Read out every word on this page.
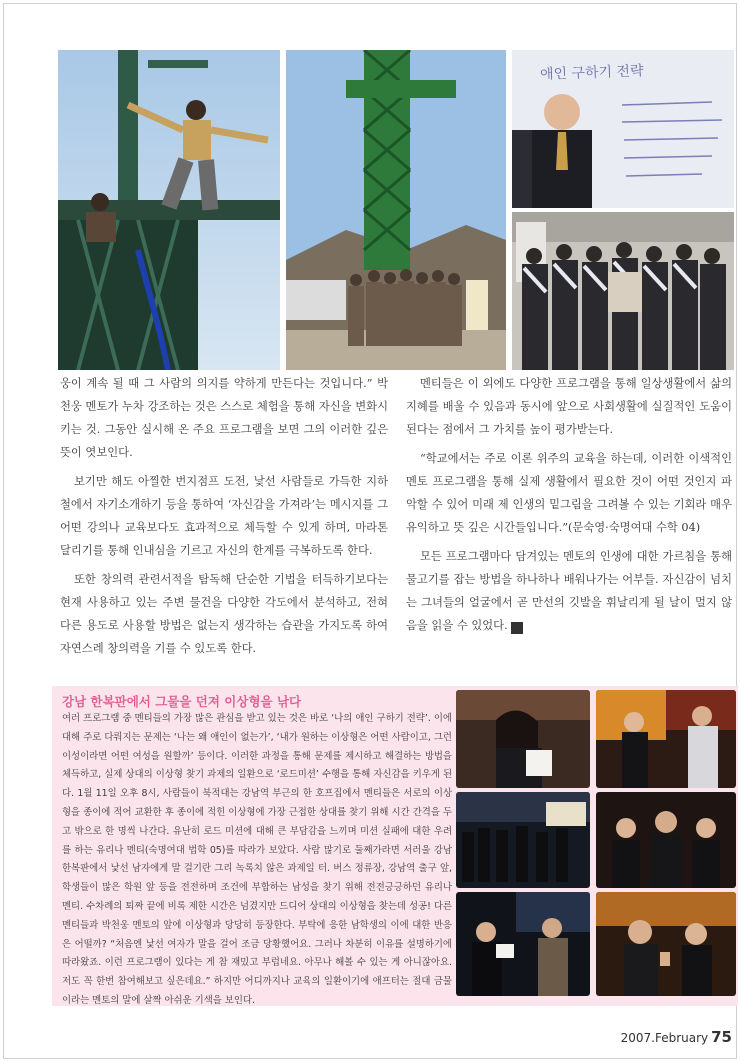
애인 구하기 전략

웅이 계속 될 때 그 사람의 의지를 약하게 만든다는 것입니다.” 박천웅 멘토가 누차 강조하는 것은 스스로 체험을 통해 자신을 변화시키는 것. 그동안 실시해 온 주요 프로그램을 보면 그의 이러한 깊은 뜻이 엿보인다.

보기만 해도 아찔한 번지점프 도전, 낯선 사람들로 가득한 지하철에서 자기소개하기 등을 통하여 ‘자신감을 가져라’는 메시지를 그 어떤 강의나 교육보다도 효과적으로 체득할 수 있게 하며, 마라톤 달리기를 통해 인내심을 기르고 자신의 한계를 극복하도록 한다.

또한 창의력 관련서적을 탐독해 단순한 기법을 터득하기보다는 현재 사용하고 있는 주변 물건을 다양한 각도에서 분석하고, 전혀 다른 용도로 사용할 방법은 없는지 생각하는 습관을 가지도록 하여 자연스레 창의력을 기를 수 있도록 한다.

멘티들은 이 외에도 다양한 프로그램을 통해 일상생활에서 삶의 지혜를 배울 수 있음과 동시에 앞으로 사회생활에 실질적인 도움이 된다는 점에서 그 가치를 높이 평가받는다.

“학교에서는 주로 이론 위주의 교육을 하는데, 이러한 이색적인 멘토 프로그램을 통해 실제 생활에서 필요한 것이 어떤 것인지 파악할 수 있어 미래 제 인생의 밑그림을 그려볼 수 있는 기회라 매우 유익하고 뜻 깊은 시간들입니다.”(문숙영·숙명여대 수학 04)

모든 프로그램마다 담겨있는 멘토의 인생에 대한 가르침을 통해 물고기를 잡는 방법을 하나하나 배워나가는 어부들. 자신감이 넘치는 그녀들의 얼굴에서 곧 만선의 깃발을 휘날리게 될 날이 멀지 않음을 읽을 수 있었다. e

강남 한복판에서 그물을 던져 이상형을 낚다

여러 프로그램 중 멘티들의 가장 많은 관심을 받고 있는 것은 바로 ‘나의 애인 구하기 전략’. 이에 대해 주로 다뤄지는 문제는 ‘나는 왜 애인이 없는가’, ‘내가 원하는 이상형은 어떤 사람이고, 그런 이성이라면 어떤 여성을 원할까’ 등이다. 이러한 과정을 통해 문제를 제시하고 해결하는 방법을 체득하고, 실제 상대의 이상형 찾기 과제의 일환으로 ‘로드미션’ 수행을 통해 자신감을 키우게 된다. 1월 11일 오후 8시, 사람들이 북적대는 강남역 부근의 한 호프집에서 멘티들은 서로의 이상형을 종이에 적어 교환한 후 종이에 적힌 이상형에 가장 근접한 상대를 찾기 위해 시간 간격을 두고 밖으로 한 명씩 나간다. 유난히 로드 미션에 대해 큰 부담감을 느끼며 미션 실패에 대한 우려를 하는 유리나 멘티(숙명여대 법학 05)를 따라가 보았다. 사람 많기로 둘째가라면 서러울 강남 한복판에서 낯선 남자에게 말 걸기란 그리 녹록치 않은 과제일 터. 버스 정류장, 강남역 출구 앞, 학생들이 많은 학원 앞 등을 전전하며 조건에 부합하는 남성을 찾기 위해 전전긍긍하던 유리나 멘티. 수차례의 퇴짜 끝에 비록 제한 시간은 넘겼지만 드디어 상대의 이상형을 찾는데 성공! 다른 멘티들과 박천웅 멘토의 앞에 이상형과 당당히 등장한다. 부탁에 응한 남학생의 이에 대한 반응은 어떨까? “처음엔 낯선 여자가 말을 걸어 조금 당황했어요. 그러나 차분히 이유를 설명하기에 따라왔죠. 이런 프로그램이 있다는 게 참 재밌고 부럽네요. 아무나 해볼 수 있는 게 아니잖아요. 저도 꼭 한번 참여해보고 싶은데요.” 하지만 어디까지나 교육의 일환이기에 애프터는 절대 금물이라는 멘토의 말에 살짝 아쉬운 기색을 보인다.

2007.February 75
